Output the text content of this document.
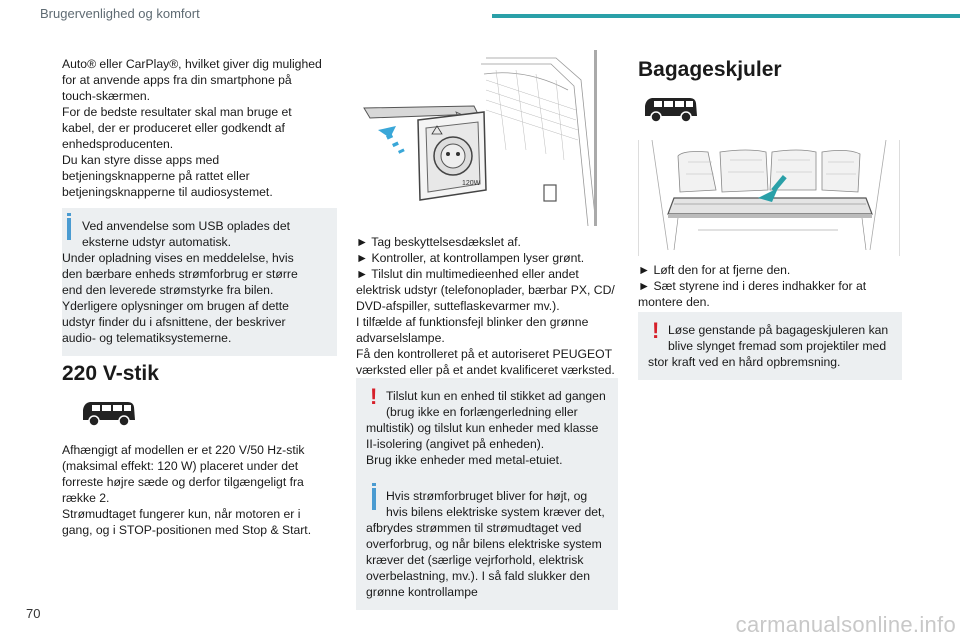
Brugervenlighed og komfort
Auto® eller CarPlay®, hvilket giver dig mulighed
for at anvende apps fra din smartphone på
touch-skærmen.
For de bedste resultater skal man bruge et
kabel, der er produceret eller godkendt af
enhedsproducenten.
Du kan styre disse apps med
betjeningsknapperne på rattet eller
betjeningsknapperne til audiosystemet.
Ved anvendelse som USB oplades det
eksterne udstyr automatisk.
Under opladning vises en meddelelse, hvis
den bærbare enheds strømforbrug er større
end den leverede strømstyrke fra bilen.
Yderligere oplysninger om brugen af dette
udstyr finder du i afsnittene, der beskriver
audio- og telematiksystemerne.
220 V-stik
Afhængigt af modellen er et 220 V/50 Hz-stik
(maksimal effekt: 120 W) placeret under det
forreste højre sæde og derfor tilgængeligt fra
række 2.
Strømudtaget fungerer kun, når motoren er i
gang, og i STOP-positionen med Stop & Start.
120W
► Tag beskyttelsesdækslet af.
► Kontroller, at kontrollampen lyser grønt.
► Tilslut din multimedieenhed eller andet
elektrisk udstyr (telefonoplader, bærbar PX, CD/
DVD-afspiller, sutteflaskevarmer mv.).
I tilfælde af funktionsfejl blinker den grønne
advarselslampe.
Få den kontrolleret på et autoriseret PEUGEOT
værksted eller på et andet kvalificeret værksted.
! Tilslut kun en enhed til stikket ad gangen
(brug ikke en forlængerledning eller
multistik) og tilslut kun enheder med klasse
II-isolering (angivet på enheden).
Brug ikke enheder med metal-etuiet.
Hvis strømforbruget bliver for højt, og
hvis bilens elektriske system kræver det,
afbrydes strømmen til strømudtaget ved
overforbrug, og når bilens elektriske system
kræver det (særlige vejrforhold, elektrisk
overbelastning, mv.). I så fald slukker den
grønne kontrollampe
Bagageskjuler
► Løft den for at fjerne den.
► Sæt styrene ind i deres indhakker for at
montere den.
! Løse genstande på bagageskjuleren kan
blive slynget fremad som projektiler med
stor kraft ved en hård opbremsning.
70	carmanualsonline.info
